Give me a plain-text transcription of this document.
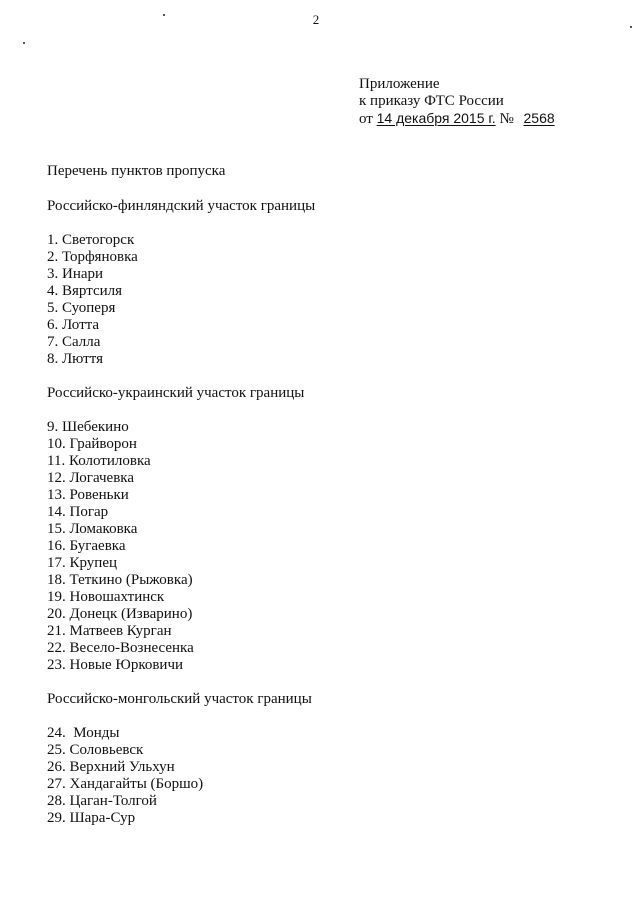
2
Приложение
к приказу ФТС России
от 14 декабря 2015 г. № 2568
Перечень пунктов пропуска
Российско-финляндский участок границы
1. Светогорск
2. Торфяновка
3. Инари
4. Вяртсиля
5. Суоперя
6. Лотта
7. Салла
8. Люття
Российско-украинский участок границы
9. Шебекино
10. Грайворон
11. Колотиловка
12. Логачевка
13. Ровеньки
14. Погар
15. Ломаковка
16. Бугаевка
17. Крупец
18. Теткино (Рыжовка)
19. Новошахтинск
20. Донецк (Изварино)
21. Матвеев Курган
22. Весело-Вознесенка
23. Новые Юрковичи
Российско-монгольский участок границы
24.  Монды
25. Соловьевск
26. Верхний Ульхун
27. Хандагайты (Боршо)
28. Цаган-Толгой
29. Шара-Сур
